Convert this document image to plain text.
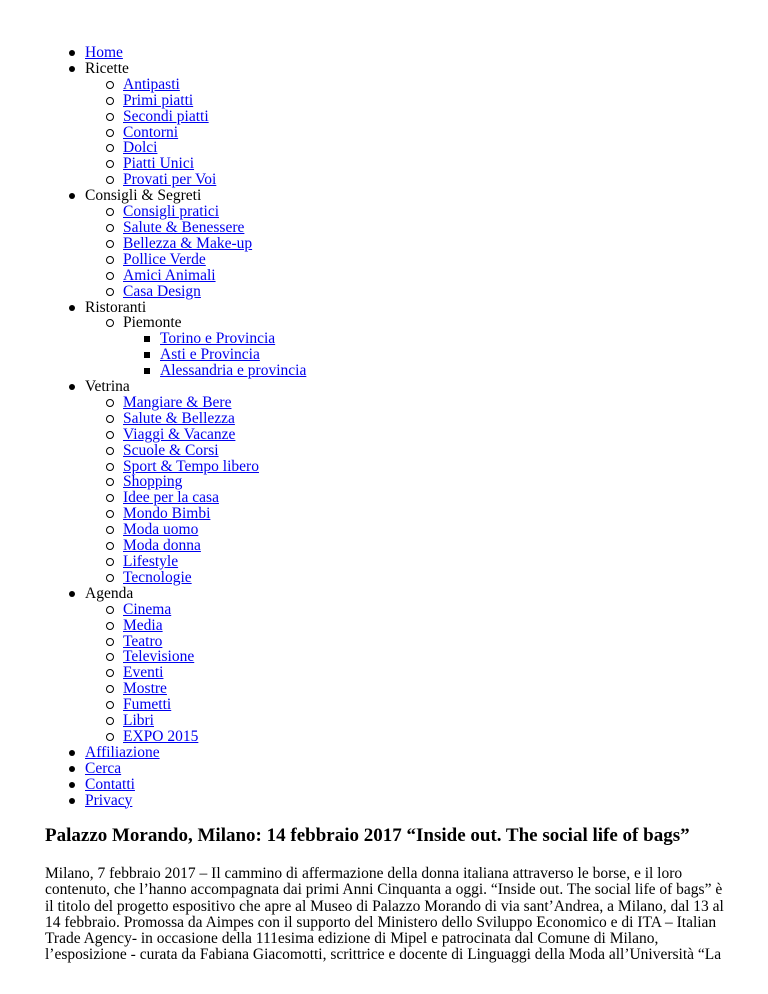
Home
Ricette
Antipasti
Primi piatti
Secondi piatti
Contorni
Dolci
Piatti Unici
Provati per Voi
Consigli & Segreti
Consigli pratici
Salute & Benessere
Bellezza & Make-up
Pollice Verde
Amici Animali
Casa Design
Ristoranti
Piemonte
Torino e Provincia
Asti e Provincia
Alessandria e provincia
Vetrina
Mangiare & Bere
Salute & Bellezza
Viaggi & Vacanze
Scuole & Corsi
Sport & Tempo libero
Shopping
Idee per la casa
Mondo Bimbi
Moda uomo
Moda donna
Lifestyle
Tecnologie
Agenda
Cinema
Media
Teatro
Televisione
Eventi
Mostre
Fumetti
Libri
EXPO 2015
Affiliazione
Cerca
Contatti
Privacy
Palazzo Morando, Milano: 14 febbraio 2017 “Inside out. The social life of bags”

Milano, 7 febbraio 2017 – Il cammino di affermazione della donna italiana attraverso le borse, e il loro contenuto, che l’hanno accompagnata dai primi Anni Cinquanta a oggi. “Inside out. The social life of bags” è il titolo del progetto espositivo che apre al Museo di Palazzo Morando di via sant’Andrea, a Milano, dal 13 al 14 febbraio. Promossa da Aimpes con il supporto del Ministero dello Sviluppo Economico e di ITA – Italian Trade Agency- in occasione della 111esima edizione di Mipel e patrocinata dal Comune di Milano, l’esposizione - curata da Fabiana Giacomotti, scrittrice e docente di Linguaggi della Moda all’Università “La
